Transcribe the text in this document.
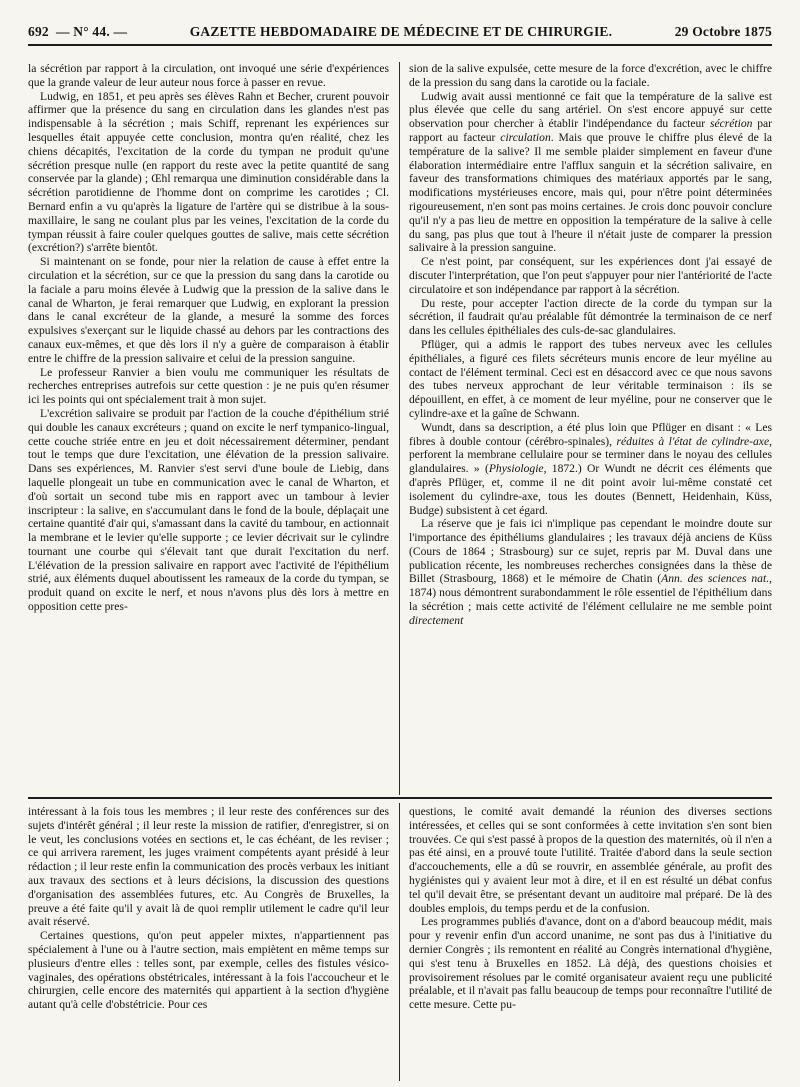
692 — N° 44. —	GAZETTE HEBDOMADAIRE DE MÉDECINE ET DE CHIRURGIE.	29 Octobre 1875

la sécrétion par rapport à la circulation, ont invoqué une série d'expériences que la grande valeur de leur auteur nous force à passer en revue.

Ludwig, en 1851, et peu après ses élèves Rahn et Becher, crurent pouvoir affirmer que la présence du sang en circulation dans les glandes n'est pas indispensable à la sécrétion ; mais Schiff, reprenant les expériences sur lesquelles était appuyée cette conclusion, montra qu'en réalité, chez les chiens décapités, l'excitation de la corde du tympan ne produit qu'une sécrétion presque nulle (en rapport du reste avec la petite quantité de sang conservée par la glande) ; Œhl remarqua une diminution considérable dans la sécrétion parotidienne de l'homme dont on comprime les carotides ; Cl. Bernard enfin a vu qu'après la ligature de l'artère qui se distribue à la sous-maxillaire, le sang ne coulant plus par les veines, l'excitation de la corde du tympan réussit à faire couler quelques gouttes de salive, mais cette sécrétion (excrétion?) s'arrête bientôt.

Si maintenant on se fonde, pour nier la relation de cause à effet entre la circulation et la sécrétion, sur ce que la pression du sang dans la carotide ou la faciale a paru moins élevée à Ludwig que la pression de la salive dans le canal de Wharton, je ferai remarquer que Ludwig, en explorant la pression dans le canal excréteur de la glande, a mesuré la somme des forces expulsives s'exerçant sur le liquide chassé au dehors par les contractions des canaux eux-mêmes, et que dès lors il n'y a guère de comparaison à établir entre le chiffre de la pression salivaire et celui de la pression sanguine.

Le professeur Ranvier a bien voulu me communiquer les résultats de recherches entreprises autrefois sur cette question : je ne puis qu'en résumer ici les points qui ont spécialement trait à mon sujet.

L'excrétion salivaire se produit par l'action de la couche d'épithélium strié qui double les canaux excréteurs ; quand on excite le nerf tympanico-lingual, cette couche striée entre en jeu et doit nécessairement déterminer, pendant tout le temps que dure l'excitation, une élévation de la pression salivaire. Dans ses expériences, M. Ranvier s'est servi d'une boule de Liebig, dans laquelle plongeait un tube en communication avec le canal de Wharton, et d'où sortait un second tube mis en rapport avec un tambour à levier inscripteur : la salive, en s'accumulant dans le fond de la boule, déplaçait une certaine quantité d'air qui, s'amassant dans la cavité du tambour, en actionnait la membrane et le levier qu'elle supporte ; ce levier décrivait sur le cylindre tournant une courbe qui s'élevait tant que durait l'excitation du nerf. L'élévation de la pression salivaire en rapport avec l'activité de l'épithélium strié, aux éléments duquel aboutissent les rameaux de la corde du tympan, se produit quand on excite le nerf, et nous n'avons plus dès lors à mettre en opposition cette pres-

sion de la salive expulsée, cette mesure de la force d'excrétion, avec le chiffre de la pression du sang dans la carotide ou la faciale.

Ludwig avait aussi mentionné ce fait que la température de la salive est plus élevée que celle du sang artériel. On s'est encore appuyé sur cette observation pour chercher à établir l'indépendance du facteur sécrétion par rapport au facteur circulation. Mais que prouve le chiffre plus élevé de la température de la salive? Il me semble plaider simplement en faveur d'une élaboration intermédiaire entre l'afflux sanguin et la sécrétion salivaire, en faveur des transformations chimiques des matériaux apportés par le sang, modifications mystérieuses encore, mais qui, pour n'être point déterminées rigoureusement, n'en sont pas moins certaines. Je crois donc pouvoir conclure qu'il n'y a pas lieu de mettre en opposition la température de la salive à celle du sang, pas plus que tout à l'heure il n'était juste de comparer la pression salivaire à la pression sanguine.

Ce n'est point, par conséquent, sur les expériences dont j'ai essayé de discuter l'interprétation, que l'on peut s'appuyer pour nier l'antériorité de l'acte circulatoire et son indépendance par rapport à la sécrétion.

Du reste, pour accepter l'action directe de la corde du tympan sur la sécrétion, il faudrait qu'au préalable fût démontrée la terminaison de ce nerf dans les cellules épithéliales des culs-de-sac glandulaires.

Pflüger, qui a admis le rapport des tubes nerveux avec les cellules épithéliales, a figuré ces filets sécréteurs munis encore de leur myéline au contact de l'élément terminal. Ceci est en désaccord avec ce que nous savons des tubes nerveux approchant de leur véritable terminaison : ils se dépouillent, en effet, à ce moment de leur myéline, pour ne conserver que le cylindre-axe et la gaîne de Schwann.

Wundt, dans sa description, a été plus loin que Pflüger en disant : « Les fibres à double contour (cérébro-spinales), réduites à l'état de cylindre-axe, perforent la membrane cellulaire pour se terminer dans le noyau des cellules glandulaires. » (Physiologie, 1872.) Or Wundt ne décrit ces éléments que d'après Pflüger, et, comme il ne dit point avoir lui-même constaté cet isolement du cylindre-axe, tous les doutes (Bennett, Heidenhain, Küss, Budge) subsistent à cet égard.

La réserve que je fais ici n'implique pas cependant le moindre doute sur l'importance des épithéliums glandulaires ; les travaux déjà anciens de Küss (Cours de 1864 ; Strasbourg) sur ce sujet, repris par M. Duval dans une publication récente, les nombreuses recherches consignées dans la thèse de Billet (Strasbourg, 1868) et le mémoire de Chatin (Ann. des sciences nat., 1874) nous démontrent surabondamment le rôle essentiel de l'épithélium dans la sécrétion ; mais cette activité de l'élément cellulaire ne me semble point directement

intéressant à la fois tous les membres ; il leur reste des conférences sur des sujets d'intérêt général ; il leur reste la mission de ratifier, d'enregistrer, si on le veut, les conclusions votées en sections et, le cas échéant, de les reviser ; ce qui arrivera rarement, les juges vraiment compétents ayant présidé à leur rédaction ; il leur reste enfin la communication des procès verbaux les initiant aux travaux des sections et à leurs décisions, la discussion des questions d'organisation des assemblées futures, etc. Au Congrès de Bruxelles, la preuve a été faite qu'il y avait là de quoi remplir utilement le cadre qu'il leur avait réservé.

Certaines questions, qu'on peut appeler mixtes, n'appartiennent pas spécialement à l'une ou à l'autre section, mais empiètent en même temps sur plusieurs d'entre elles : telles sont, par exemple, celles des fistules vésico-vaginales, des opérations obstétricales, intéressant à la fois l'accoucheur et le chirurgien, celle encore des maternités qui appartient à la section d'hygiène autant qu'à celle d'obstétricie. Pour ces

questions, le comité avait demandé la réunion des diverses sections intéressées, et celles qui se sont conformées à cette invitation s'en sont bien trouvées. Ce qui s'est passé à propos de la question des maternités, où il n'en a pas été ainsi, en a prouvé toute l'utilité. Traitée d'abord dans la seule section d'accouchements, elle a dû se rouvrir, en assemblée générale, au profit des hygiénistes qui y avaient leur mot à dire, et il en est résulté un débat confus tel qu'il devait être, se présentant devant un auditoire mal préparé. De là des doubles emplois, du temps perdu et de la confusion.

Les programmes publiés d'avance, dont on a d'abord beaucoup médit, mais pour y revenir enfin d'un accord unanime, ne sont pas dus à l'initiative du dernier Congrès ; ils remontent en réalité au Congrès international d'hygiène, qui s'est tenu à Bruxelles en 1852. Là déjà, des questions choisies et provisoirement résolues par le comité organisateur avaient reçu une publicité préalable, et il n'avait pas fallu beaucoup de temps pour reconnaître l'utilité de cette mesure. Cette pu-
